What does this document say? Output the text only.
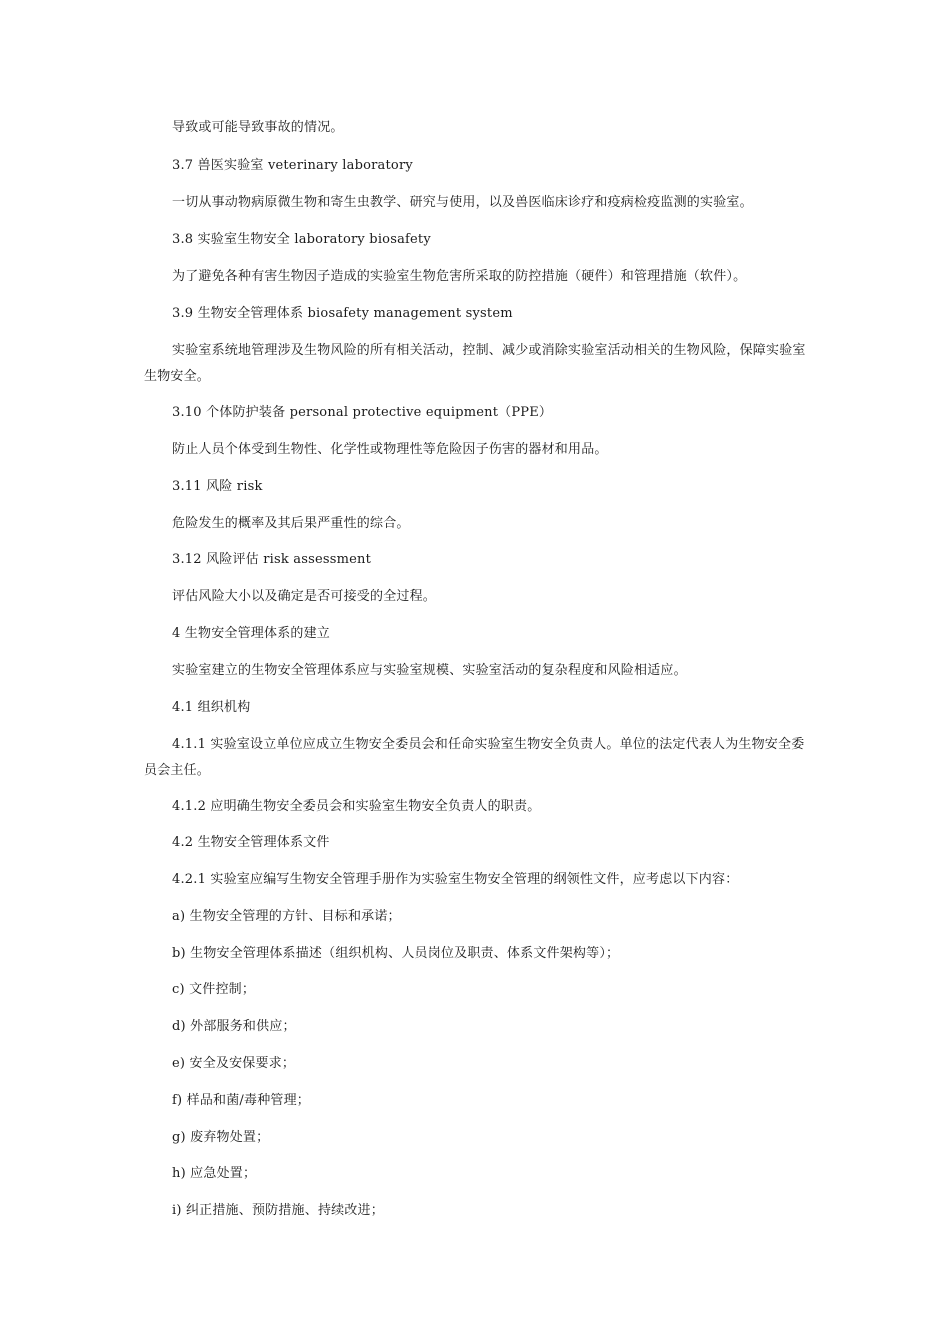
导致或可能导致事故的情况。
3.7 兽医实验室 veterinary laboratory
一切从事动物病原微生物和寄生虫教学、研究与使用，以及兽医临床诊疗和疫病检疫监测的实验室。
3.8 实验室生物安全 laboratory biosafety
为了避免各种有害生物因子造成的实验室生物危害所采取的防控措施（硬件）和管理措施（软件）。
3.9 生物安全管理体系 biosafety management system
实验室系统地管理涉及生物风险的所有相关活动，控制、减少或消除实验室活动相关的生物风险，保障实验室生物安全。
3.10 个体防护装备 personal protective equipment（PPE）
防止人员个体受到生物性、化学性或物理性等危险因子伤害的器材和用品。
3.11 风险 risk
危险发生的概率及其后果严重性的综合。
3.12 风险评估 risk assessment
评估风险大小以及确定是否可接受的全过程。
4 生物安全管理体系的建立
实验室建立的生物安全管理体系应与实验室规模、实验室活动的复杂程度和风险相适应。
4.1 组织机构
4.1.1 实验室设立单位应成立生物安全委员会和任命实验室生物安全负责人。单位的法定代表人为生物安全委员会主任。
4.1.2 应明确生物安全委员会和实验室生物安全负责人的职责。
4.2 生物安全管理体系文件
4.2.1 实验室应编写生物安全管理手册作为实验室生物安全管理的纲领性文件，应考虑以下内容：
a) 生物安全管理的方针、目标和承诺；
b) 生物安全管理体系描述（组织机构、人员岗位及职责、体系文件架构等）；
c) 文件控制；
d) 外部服务和供应；
e) 安全及安保要求；
f) 样品和菌/毒种管理；
g) 废弃物处置；
h) 应急处置；
i) 纠正措施、预防措施、持续改进；
